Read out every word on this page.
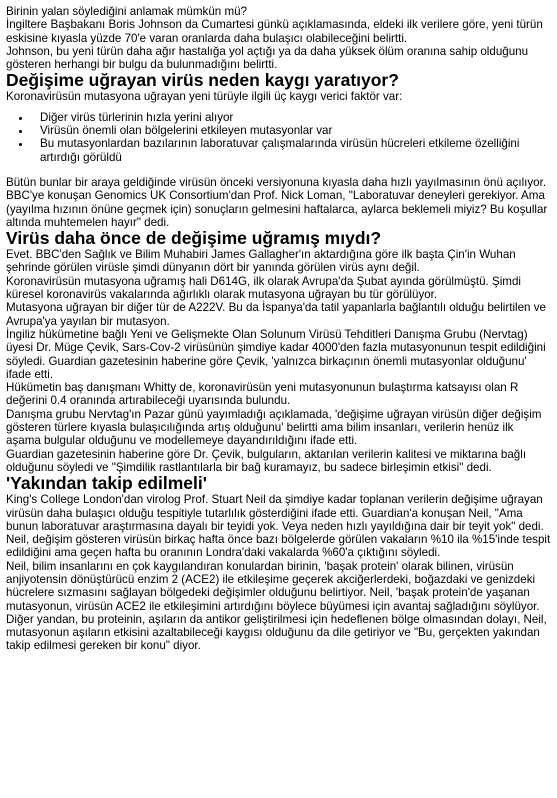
Birinin yalan söylediğini anlamak mümkün mü?

İngiltere Başbakanı Boris Johnson da Cumartesi günkü açıklamasında, eldeki ilk verilere göre, yeni türün eskisine kıyasla yüzde 70'e varan oranlarda daha bulaşıcı olabileceğini belirtti.

Johnson, bu yeni türün daha ağır hastalığa yol açtığı ya da daha yüksek ölüm oranına sahip olduğunu gösteren herhangi bir bulgu da bulunmadığını belirtti.

Değişime uğrayan virüs neden kaygı yaratıyor?

Koronavirüsün mutasyona uğrayan yeni türüyle ilgili üç kaygı verici faktör var:

• Diğer virüs türlerinin hızla yerini alıyor
• Virüsün önemli olan bölgelerini etkileyen mutasyonlar var
• Bu mutasyonlardan bazılarının laboratuvar çalışmalarında virüsün hücreleri etkileme özelliğini artırdığı görüldü

Bütün bunlar bir araya geldiğinde virüsün önceki versiyonuna kıyasla daha hızlı yayılmasının önü açılıyor.

BBC'ye konuşan Genomics UK Consortium'dan Prof. Nick Loman, "Laboratuvar deneyleri gerekiyor. Ama (yayılma hızının önüne geçmek için) sonuçların gelmesini haftalarca, aylarca beklemeli miyiz? Bu koşullar altında muhtemelen hayır" dedi.

Virüs daha önce de değişime uğramış mıydı?

Evet. BBC'den Sağlık ve Bilim Muhabiri James Gallagher'ın aktardığına göre ilk başta Çin'in Wuhan şehrinde görülen virüsle şimdi dünyanın dört bir yanında görülen virüs aynı değil.

Koronavirüsün mutasyona uğramış hali D614G, ilk olarak Avrupa'da Şubat ayında görülmüştü. Şimdi küresel koronavirüs vakalarında ağırlıklı olarak mutasyona uğrayan bu tür görülüyor.

Mutasyona uğrayan bir diğer tür de A222V. Bu da İspanya'da tatil yapanlarla bağlantılı olduğu belirtilen ve Avrupa'ya yayılan bir mutasyon.

İngiliz hükümetine bağlı Yeni ve Gelişmekte Olan Solunum Virüsü Tehditleri Danışma Grubu (Nervtag) üyesi Dr. Müge Çevik, Sars-Cov-2 virüsünün şimdiye kadar 4000'den fazla mutasyonunun tespit edildiğini söyledi. Guardian gazetesinin haberine göre Çevik, 'yalnızca birkaçının önemli mutasyonlar olduğunu' ifade etti.

Hükümetin baş danışmanı Whitty de, koronavirüsün yeni mutasyonunun bulaştırma katsayısı olan R değerini 0.4 oranında artırabileceği uyarısında bulundu.

Danışma grubu Nervtag'ın Pazar günü yayımladığı açıklamada, 'değişime uğrayan virüsün diğer değişim gösteren türlere kıyasla bulaşıcılığında artış olduğunu' belirtti ama bilim insanları, verilerin henüz ilk aşama bulgular olduğunu ve modellemeye dayandırıldığını ifade etti.

Guardian gazetesinin haberine göre Dr. Çevik, bulguların, aktarılan verilerin kalitesi ve miktarına bağlı olduğunu söyledi ve "Şimdilik rastlantılarla bir bağ kuramayız, bu sadece birleşimin etkisi" dedi.

'Yakından takip edilmeli'

King's College London'dan virolog Prof. Stuart Neil da şimdiye kadar toplanan verilerin değişime uğrayan virüsün daha bulaşıcı olduğu tespitiyle tutarlılık gösterdiğini ifade etti. Guardian'a konuşan Neil, "Ama bunun laboratuvar araştırmasına dayalı bir teyidi yok. Veya neden hızlı yayıldığına dair bir teyit yok" dedi.

Neil, değişim gösteren virüsün birkaç hafta önce bazı bölgelerde görülen vakaların %10 ila %15'inde tespit edildiğini ama geçen hafta bu oranının Londra'daki vakalarda %60'a çıktığını söyledi.

Neil, bilim insanlarını en çok kaygılandıran konulardan birinin, 'başak protein' olarak bilinen, virüsün anjiyotensin dönüştürücü enzim 2 (ACE2) ile etkileşime geçerek akciğerlerdeki, boğazdaki ve genizdeki hücrelere sızmasını sağlayan bölgedeki değişimler olduğunu belirtiyor. Neil, 'başak protein'de yaşanan mutasyonun, virüsün ACE2 ile etkileşimini artırdığını böylece büyümesi için avantaj sağladığını söylüyor.

Diğer yandan, bu proteinin, aşıların da antikor geliştirilmesi için hedeflenen bölge olmasından dolayı, Neil, mutasyonun aşıların etkisini azaltabileceği kaygısı olduğunu da dile getiriyor ve "Bu, gerçekten yakından takip edilmesi gereken bir konu" diyor.
